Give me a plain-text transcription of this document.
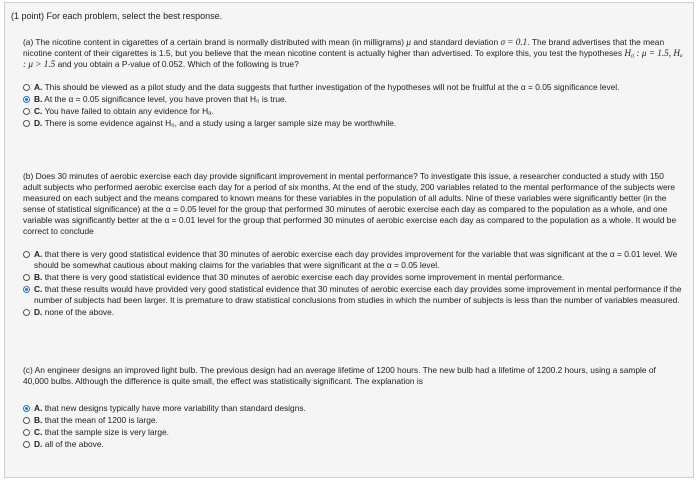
(1 point) For each problem, select the best response.

(a) The nicotine content in cigarettes of a certain brand is normally distributed with mean (in milligrams) μ and standard deviation σ = 0.1. The brand advertises that the mean nicotine content of their cigarettes is 1.5, but you believe that the mean nicotine content is actually higher than advertised. To explore this, you test the hypotheses H₀ : μ = 1.5, Hₐ : μ > 1.5 and you obtain a P-value of 0.052. Which of the following is true?

A. This should be viewed as a pilot study and the data suggests that further investigation of the hypotheses will not be fruitful at the α = 0.05 significance level.
B. At the α = 0.05 significance level, you have proven that H₀ is true.
C. You have failed to obtain any evidence for Hₐ.
D. There is some evidence against H₀, and a study using a larger sample size may be worthwhile.

(b) Does 30 minutes of aerobic exercise each day provide significant improvement in mental performance? To investigate this issue, a researcher conducted a study with 150 adult subjects who performed aerobic exercise each day for a period of six months. At the end of the study, 200 variables related to the mental performance of the subjects were measured on each subject and the means compared to known means for these variables in the population of all adults. Nine of these variables were significantly better (in the sense of statistical significance) at the α = 0.05 level for the group that performed 30 minutes of aerobic exercise each day as compared to the population as a whole, and one variable was significantly better at the α = 0.01 level for the group that performed 30 minutes of aerobic exercise each day as compared to the population as a whole. It would be correct to conclude

A. that there is very good statistical evidence that 30 minutes of aerobic exercise each day provides improvement for the variable that was significant at the α = 0.01 level. We should be somewhat cautious about making claims for the variables that were significant at the α = 0.05 level.
B. that there is very good statistical evidence that 30 minutes of aerobic exercise each day provides some improvement in mental performance.
C. that these results would have provided very good statistical evidence that 30 minutes of aerobic exercise each day provides some improvement in mental performance if the number of subjects had been larger. It is premature to draw statistical conclusions from studies in which the number of subjects is less than the number of variables measured.
D. none of the above.

(c) An engineer designs an improved light bulb. The previous design had an average lifetime of 1200 hours. The new bulb had a lifetime of 1200.2 hours, using a sample of 40,000 bulbs. Although the difference is quite small, the effect was statistically significant. The explanation is

A. that new designs typically have more variability than standard designs.
B. that the mean of 1200 is large.
C. that the sample size is very large.
D. all of the above.
